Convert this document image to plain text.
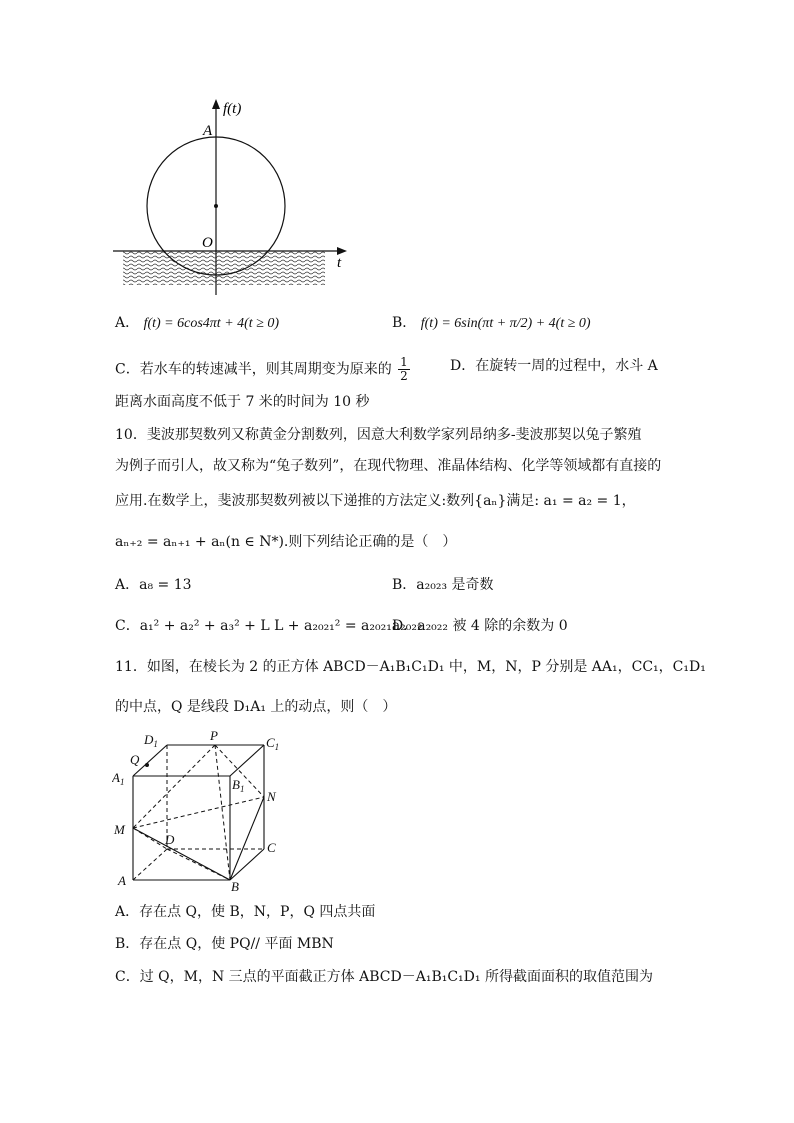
f(t)
t
A
O
A． f(t) = 6cos4πt + 4(t ≥ 0)	B． f(t) = 6sin(πt + π/2) + 4(t ≥ 0)
C．若水车的转速减半，则其周期变为原来的 $\frac{1}{2}$	D．在旋转一周的过程中，水斗 A
距离水面高度不低于 7 米的时间为 10 秒
10．斐波那契数列又称黄金分割数列，因意大利数学家列昂纳多-斐波那契以兔子繁殖
为例子而引人，故又称为“兔子数列”，在现代物理、准晶体结构、化学等领域都有直接的
应用.在数学上，斐波那契数列被以下递推的方法定义:数列{aₙ}满足: a₁ = a₂ = 1，
aₙ₊₂ = aₙ₊₁ + aₙ(n ∈ N*).则下列结论正确的是（　）
A．a₈ = 13	B．a₂₀₂₃ 是奇数
C．a₁² + a₂² + a₃² + L L + a₂₀₂₁² = a₂₀₂₁a₂₀₂₂
D．a₂₀₂₂ 被 4 除的余数为 0
11．如图，在棱长为 2 的正方体 ABCD－A₁B₁C₁D₁ 中，M，N，P 分别是 AA₁，CC₁，C₁D₁
的中点，Q 是线段 D₁A₁ 上的动点，则（　）
$D_1$
P	$C_1$
Q
$A_1$	$B_1$ N
M
D
C
A	B
A．存在点 Q，使 B，N，P，Q 四点共面
B．存在点 Q，使 PQ// 平面 MBN
C．过 Q，M，N 三点的平面截正方体 ABCD－A₁B₁C₁D₁ 所得截面面积的取值范围为
